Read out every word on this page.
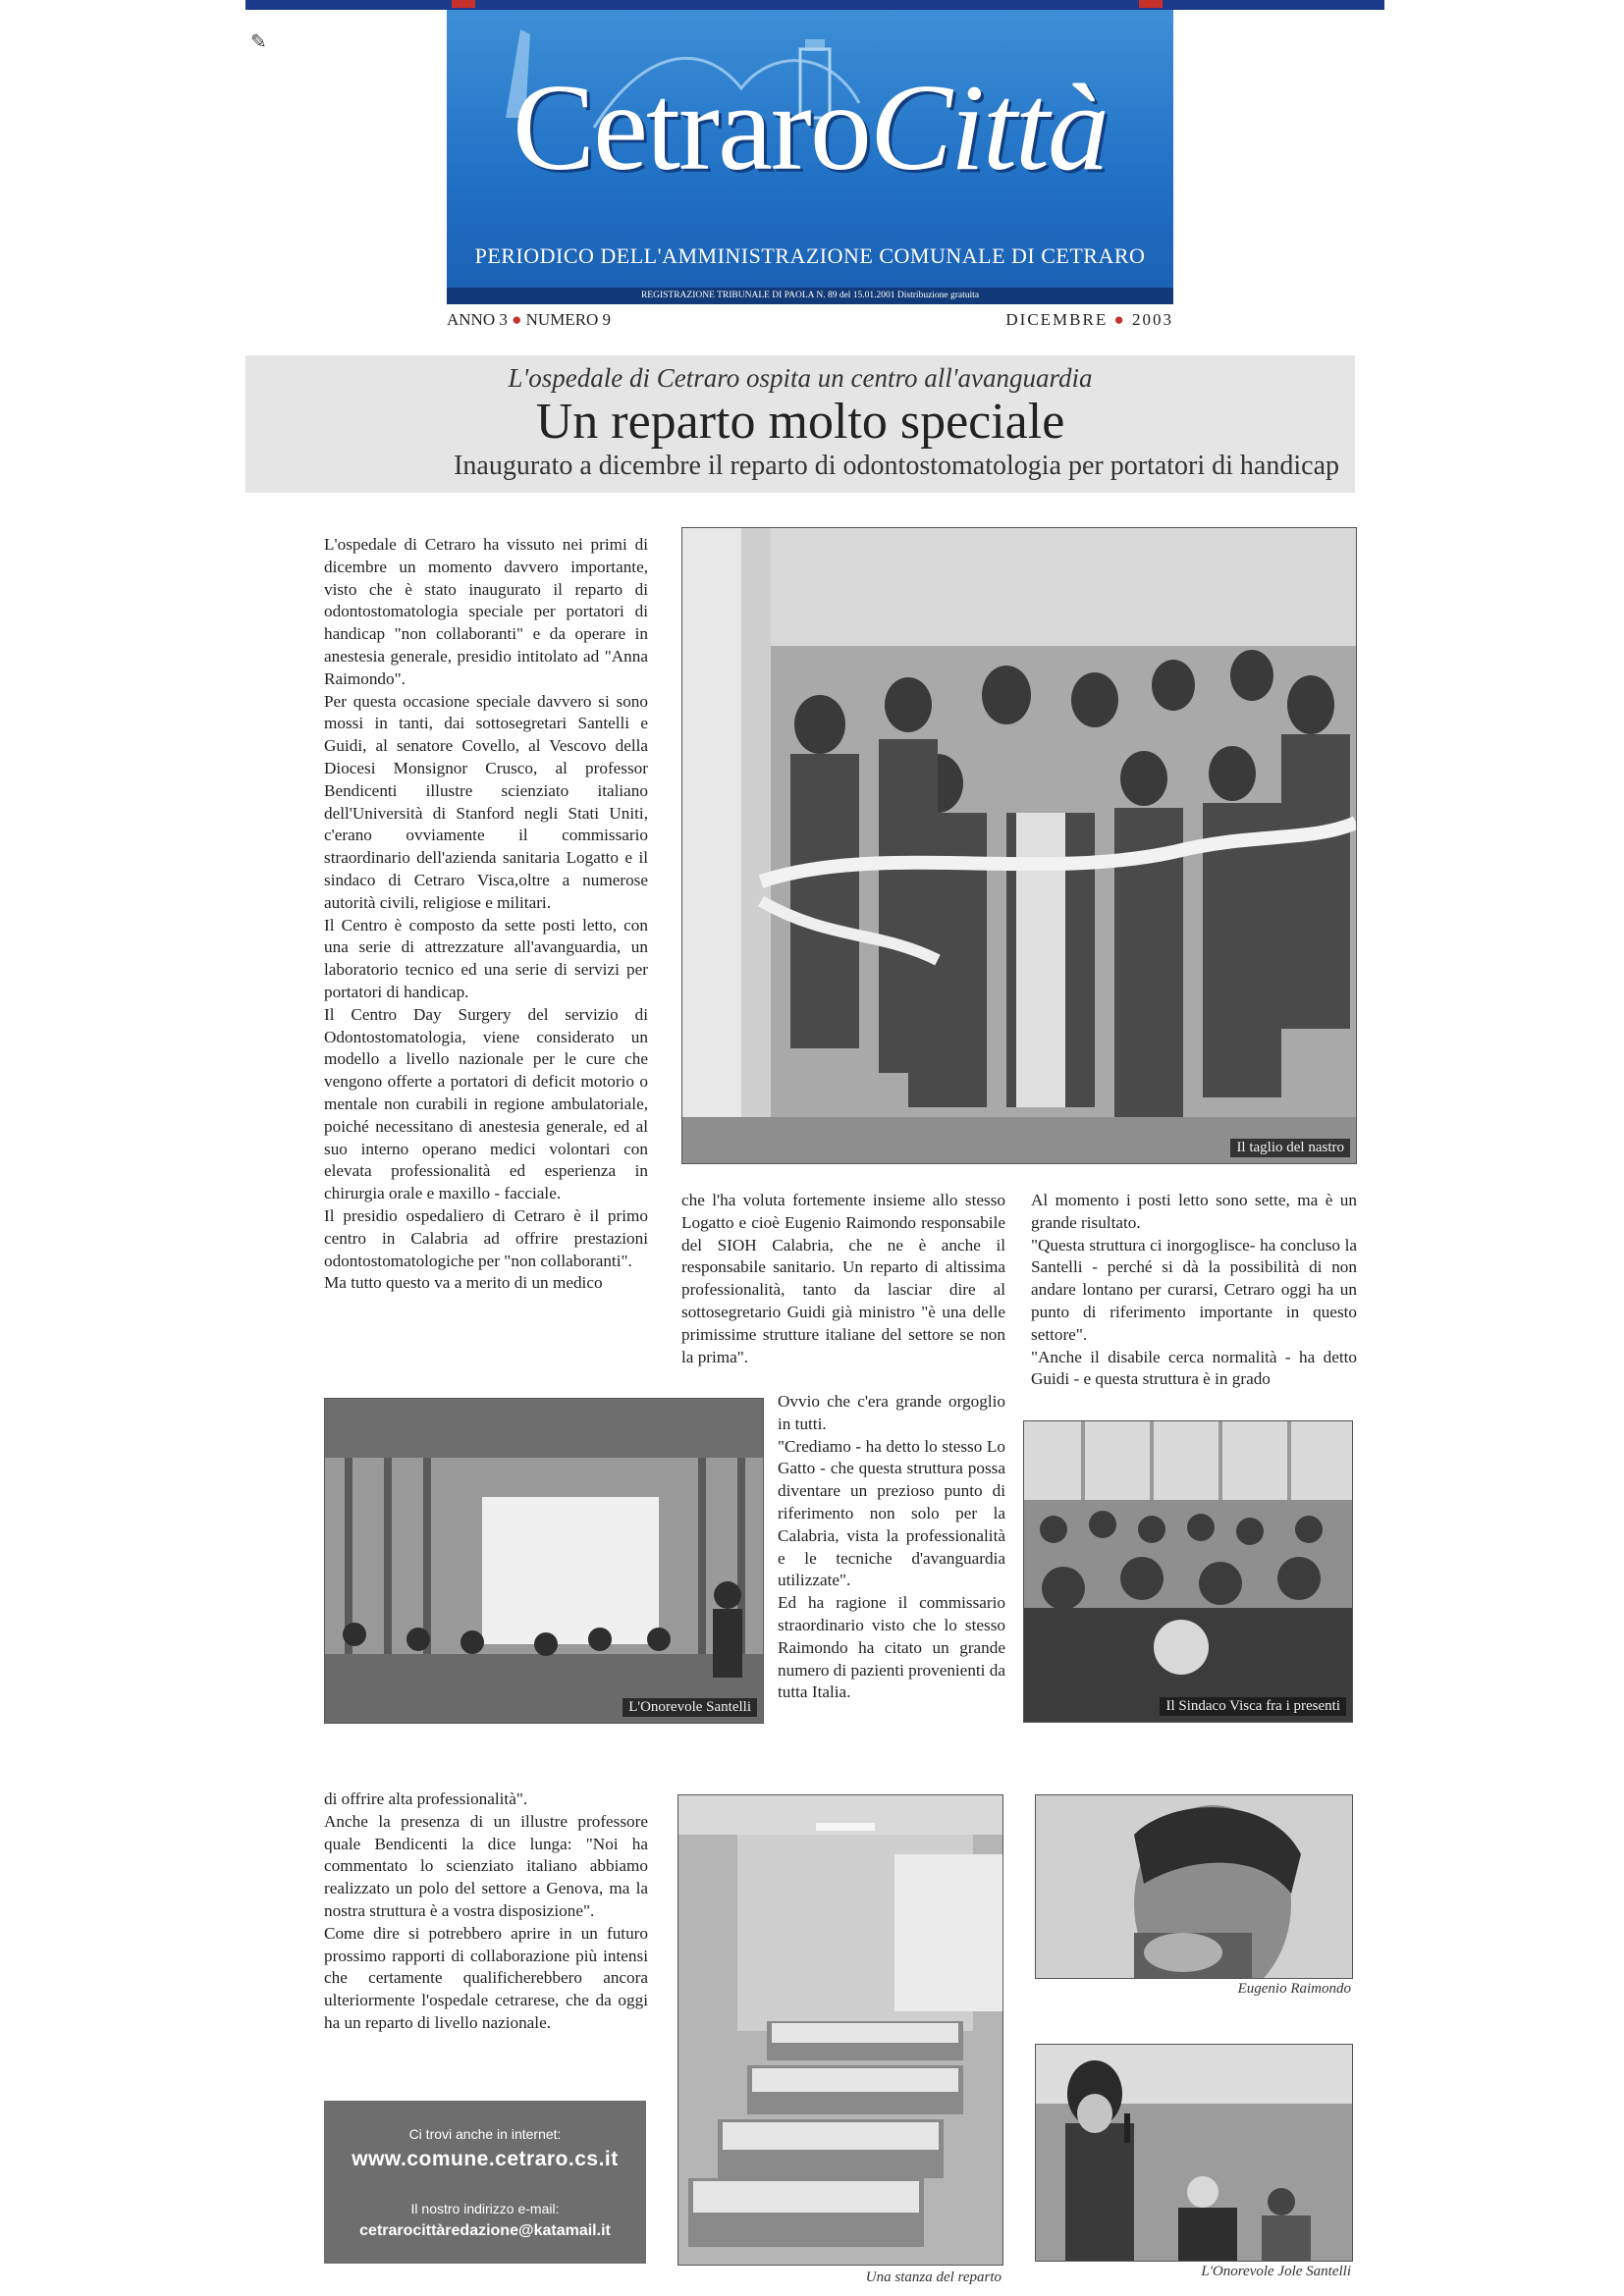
✎
CetraroCittà
PERIODICO DELL'AMMINISTRAZIONE COMUNALE DI CETRARO
REGISTRAZIONE TRIBUNALE DI PAOLA N. 89 del 15.01.2001 Distribuzione gratuita
ANNO 3 ● NUMERO 9	DICEMBRE ● 2003
L'ospedale di Cetraro ospita un centro all'avanguardia
Un reparto molto speciale
Inaugurato a dicembre il reparto di odontostomatologia per portatori di handicap

L'ospedale di Cetraro ha vissuto nei primi di dicembre un momento davvero importante, visto che è stato inaugurato il reparto di odontostomatologia speciale per portatori di handicap "non collaboranti" e da operare in anestesia generale, presidio intitolato ad "Anna Raimondo".

Per questa occasione speciale davvero si sono mossi in tanti, dai sottosegretari Santelli e Guidi, al senatore Covello, al Vescovo della Diocesi Monsignor Crusco, al professor Bendicenti illustre scienziato italiano dell'Università di Stanford negli Stati Uniti, c'erano ovviamente il commissario straordinario dell'azienda sanitaria Logatto e il sindaco di Cetraro Visca,oltre a numerose autorità civili, religiose e militari.

Il Centro è composto da sette posti letto, con una serie di attrezzature all'avanguardia, un laboratorio tecnico ed una serie di servizi per portatori di handicap.

Il Centro Day Surgery del servizio di Odontostomatologia, viene considerato un modello a livello nazionale per le cure che vengono offerte a portatori di deficit motorio o mentale non curabili in regione ambulatoriale, poiché necessitano di anestesia generale, ed al suo interno operano medici volontari con elevata professionalità ed esperienza in chirurgia orale e maxillo - facciale.

Il presidio ospedaliero di Cetraro è il primo centro in Calabria ad offrire prestazioni odontostomatologiche per "non collaboranti".

Ma tutto questo va a merito di un medico

Il taglio del nastro

che l'ha voluta fortemente insieme allo stesso Logatto e cioè Eugenio Raimondo responsabile del SIOH Calabria, che ne è anche il responsabile sanitario. Un reparto di altissima professionalità, tanto da lasciar dire al sottosegretario Guidi già ministro "è una delle primissime strutture italiane del settore se non la prima".

Al momento i posti letto sono sette, ma è un grande risultato.

"Questa struttura ci inorgoglisce- ha concluso la Santelli - perché si dà la possibilità di non andare lontano per curarsi, Cetraro oggi ha un punto di riferimento importante in questo settore".

"Anche il disabile cerca normalità - ha detto Guidi - e questa struttura è in grado

Ovvio che c'era grande orgoglio in tutti.

"Crediamo - ha detto lo stesso Lo Gatto - che questa struttura possa diventare un prezioso punto di riferimento non solo per la Calabria, vista la professionalità e le tecniche d'avanguardia utilizzate".

Ed ha ragione il commissario straordinario visto che lo stesso Raimondo ha citato un grande numero di pazienti provenienti da tutta Italia.

L'Onorevole Santelli	Il Sindaco Visca fra i presenti

di offrire alta professionalità".

Anche la presenza di un illustre professore quale Bendicenti la dice lunga: "Noi ha commentato lo scienziato italiano abbiamo realizzato un polo del settore a Genova, ma la nostra struttura è a vostra disposizione".

Come dire si potrebbero aprire in un futuro prossimo rapporti di collaborazione più intensi che certamente qualificherebbero ancora ulteriormente l'ospedale cetrarese, che da oggi ha un reparto di livello nazionale.

Ci trovi anche in internet:
www.comune.cetraro.cs.it
Il nostro indirizzo e-mail:
cetrarocittàredazione@katamail.it
Una stanza del reparto
Eugenio Raimondo
L'Onorevole Jole Santelli
